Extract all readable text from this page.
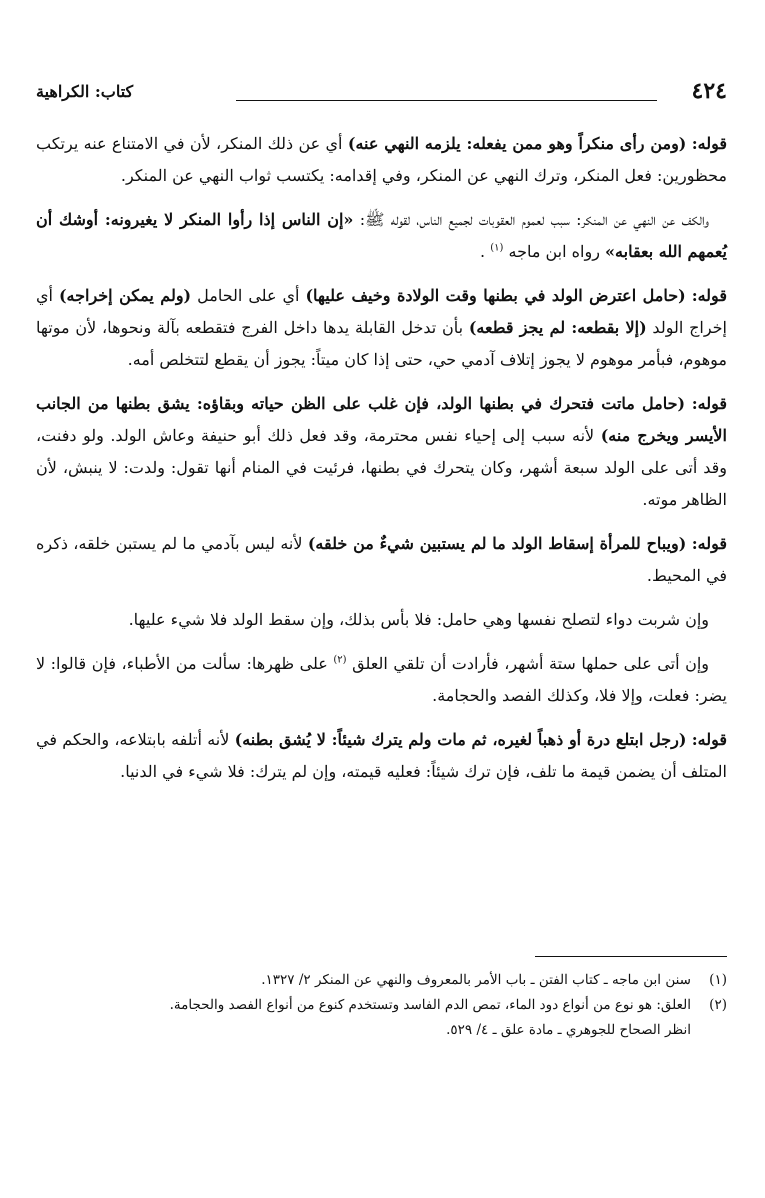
٤٢٤
كتاب: الكراهية

قوله: (ومن رأى منكراً وهو ممن يفعله: يلزمه النهي عنه) أي عن ذلك المنكر، لأن في الامتناع عنه يرتكب محظورين: فعل المنكر، وترك النهي عن المنكر، وفي إقدامه: يكتسب ثواب النهي عن المنكر.

والكف عن النهي عن المنكر: سبب لعموم العقوبات لجميع الناس، لقوله ﷺ: «إن الناس إذا رأوا المنكر لا يغيرونه: أوشك أن يُعمهم الله بعقابه» رواه ابن ماجه $^{(١)}$ .

قوله: (حامل اعترض الولد في بطنها وقت الولادة وخيف عليها) أي على الحامل (ولم يمكن إخراجه) أي إخراج الولد (إلا بقطعه: لم يجز قطعه) بأن تدخل القابلة يدها داخل الفرج فتقطعه بآلة ونحوها، لأن موتها موهوم، فبأمر موهوم لا يجوز إتلاف آدمي حي، حتى إذا كان ميتاً: يجوز أن يقطع لتتخلص أمه.

قوله: (حامل ماتت فتحرك في بطنها الولد، فإن غلب على الظن حياته وبقاؤه: يشق بطنها من الجانب الأيسر ويخرج منه) لأنه سبب إلى إحياء نفس محترمة، وقد فعل ذلك أبو حنيفة وعاش الولد. ولو دفنت، وقد أتى على الولد سبعة أشهر، وكان يتحرك في بطنها، فرئيت في المنام أنها تقول: ولدت: لا ينبش، لأن الظاهر موته.

قوله: (ويباح للمرأة إسقاط الولد ما لم يستبين شيءٌ من خلقه) لأنه ليس بآدمي ما لم يستبن خلقه، ذكره في المحيط.

وإن شربت دواء لتصلح نفسها وهي حامل: فلا بأس بذلك، وإن سقط الولد فلا شيء عليها.

وإن أتى على حملها ستة أشهر، فأرادت أن تلقي العلق $^{(٢)}$ على ظهرها: سألت من الأطباء، فإن قالوا: لا يضر: فعلت، وإلا فلا، وكذلك الفصد والحجامة.

قوله: (رجل ابتلع درة أو ذهباً لغيره، ثم مات ولم يترك شيئاً: لا يُشق بطنه) لأنه أتلفه بابتلاعه، والحكم في المتلف أن يضمن قيمة ما تلف، فإن ترك شيئاً: فعليه قيمته، وإن لم يترك: فلا شيء في الدنيا.

(١)
سنن ابن ماجه ـ كتاب الفتن ـ باب الأمر بالمعروف والنهي عن المنكر ٢/ ١٣٢٧.
(٢)
العلق: هو نوع من أنواع دود الماء، تمص الدم الفاسد وتستخدم كنوع من أنواع الفصد والحجامة.
انظر الصحاح للجوهري ـ مادة علق ـ ٤/ ٥٢٩.
